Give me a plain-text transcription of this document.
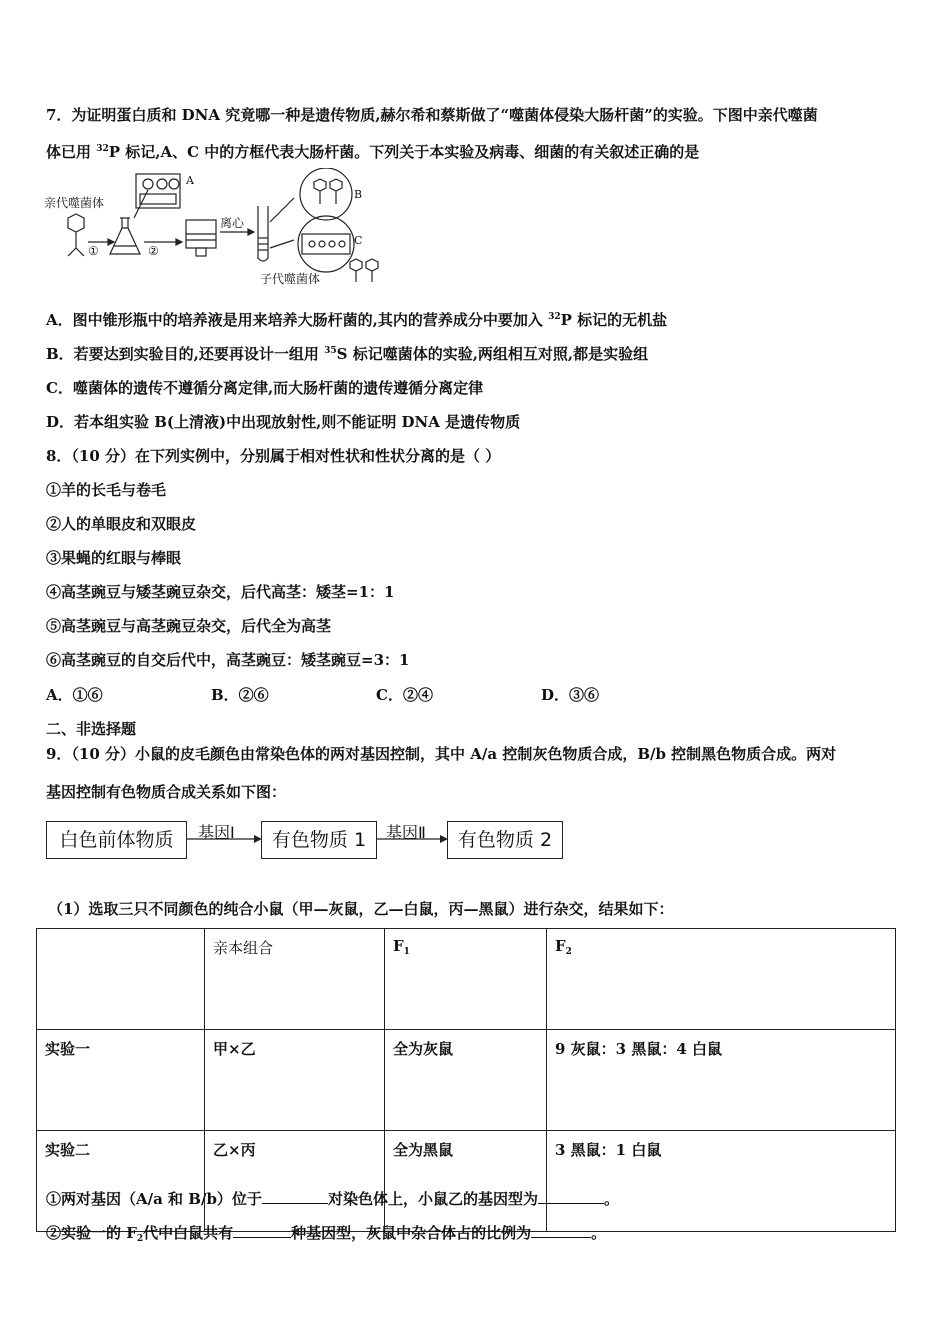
7．为证明蛋白质和 DNA 究竟哪一种是遗传物质,赫尔希和蔡斯做了“噬菌体侵染大肠杆菌”的实验。下图中亲代噬菌
体已用 $^{32}$P 标记,A、C 中的方框代表大肠杆菌。下列关于本实验及病毒、细菌的有关叙述正确的是
亲代噬菌体
①	②
A
离心
B
C
子代噬菌体
A．图中锥形瓶中的培养液是用来培养大肠杆菌的,其内的营养成分中要加入 $^{32}$P 标记的无机盐
B．若要达到实验目的,还要再设计一组用 $^{35}$S 标记噬菌体的实验,两组相互对照,都是实验组
C．噬菌体的遗传不遵循分离定律,而大肠杆菌的遗传遵循分离定律
D．若本组实验 B(上清液)中出现放射性,则不能证明 DNA 是遗传物质
8．（10 分）在下列实例中，分别属于相对性状和性状分离的是（ ）
①羊的长毛与卷毛
②人的单眼皮和双眼皮
③果蝇的红眼与棒眼
④高茎豌豆与矮茎豌豆杂交，后代高茎：矮茎=1：1
⑤高茎豌豆与高茎豌豆杂交，后代全为高茎
⑥高茎豌豆的自交后代中，高茎豌豆：矮茎豌豆=3：1
A．①⑥	B．②⑥	C．②④	D．③⑥
二、非选择题
9．（10 分）小鼠的皮毛颜色由常染色体的两对基因控制，其中 A/a 控制灰色物质合成，B/b 控制黑色物质合成。两对
基因控制有色物质合成关系如下图：
白色前体物质	基因Ⅰ	有色物质 1	基因Ⅱ	有色物质 2
（1）选取三只不同颜色的纯合小鼠（甲—灰鼠，乙—白鼠，丙—黑鼠）进行杂交，结果如下：
	亲本组合	$F_1$	$F_2$
实验一	甲×乙	全为灰鼠	9 灰鼠：3 黑鼠：4 白鼠
实验二	乙×丙	全为黑鼠	3 黑鼠：1 白鼠
①两对基因（A/a 和 B/b）位于	对染色体上，小鼠乙的基因型为	。
②实验一的 $F_2$代中白鼠共有	种基因型，灰鼠中杂合体占的比例为	。
